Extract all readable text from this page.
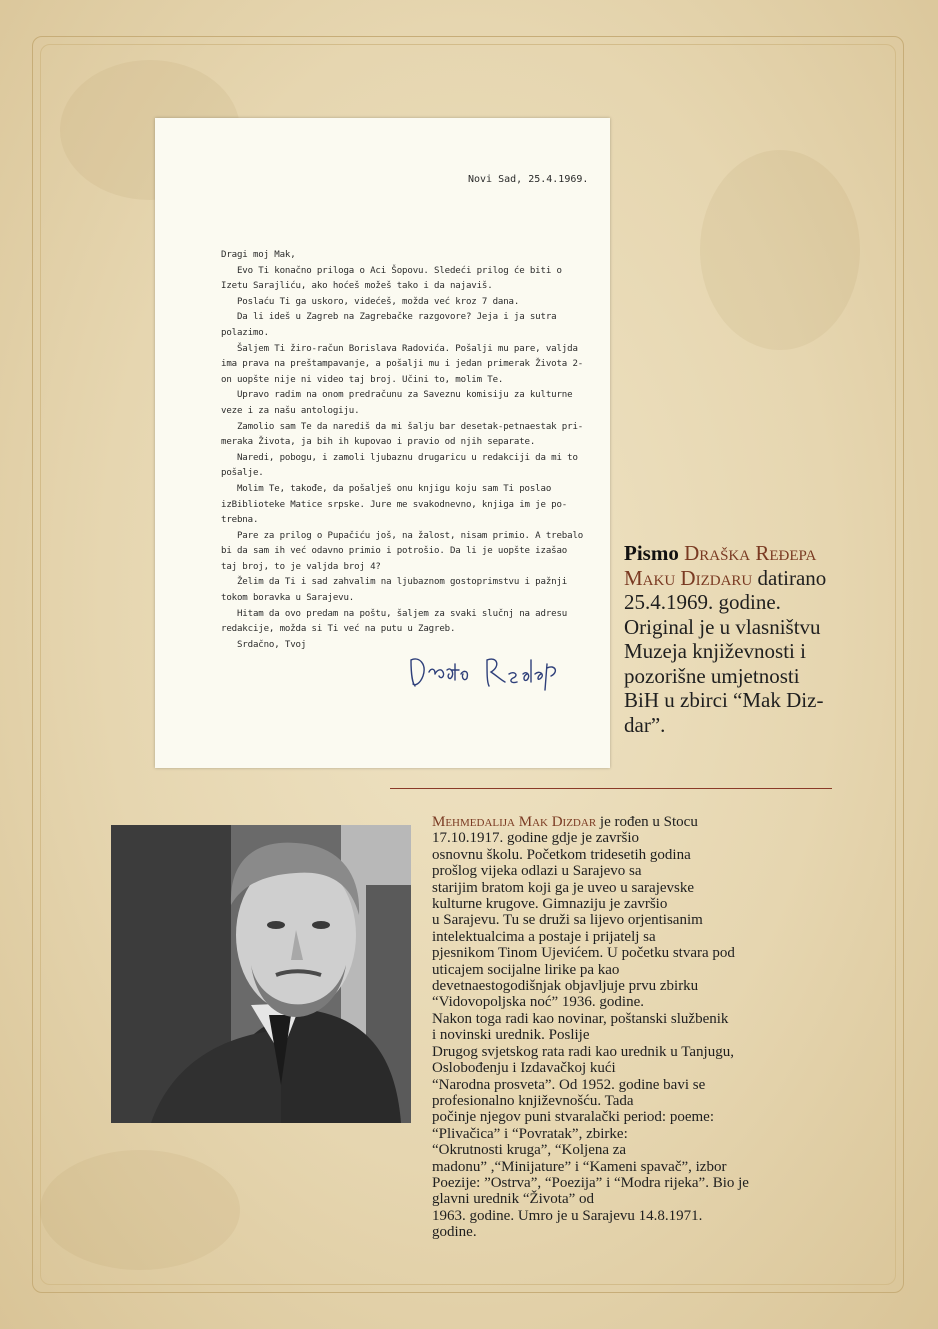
Novi Sad, 25.4.1969.
Dragi moj Mak,
Evo Ti konačno priloga o Aci Šopovu. Sledeći prilog će biti o
Izetu Sarajliću, ako hoćeš možeš tako i da najaviš.
Poslaću Ti ga uskoro, videćeš, možda već kroz 7 dana.
Da li ideš u Zagreb na Zagrebačke razgovore? Jeja i ja sutra
polazimo.
Šaljem Ti žiro-račun Borislava Radovića. Pošalji mu pare, valjda
ima prava na preštampavanje, a pošalji mu i jedan primerak Života 2-
on uopšte nije ni video taj broj. Učini to, molim Te.
Upravo radim na onom predračunu za Saveznu komisiju za kulturne
veze i za našu antologiju.
Zamolio sam Te da narediš da mi šalju bar desetak-petnaestak pri-
meraka Života, ja bih ih kupovao i pravio od njih separate.
Naredi, pobogu, i zamoli ljubaznu drugaricu u redakciji da mi to
pošalje.
Molim Te, takođe, da pošalješ onu knjigu koju sam Ti poslao
izBiblioteke Matice srpske. Jure me svakodnevno, knjiga im je po-
trebna.
Pare za prilog o Pupačiću još, na žalost, nisam primio. A trebalo
bi da sam ih već odavno primio i potrošio. Da li je uopšte izašao
taj broj, to je valjda broj 4?
Želim da Ti i sad zahvalim na ljubaznom gostoprimstvu i pažnji
tokom boravka u Sarajevu.
Hitam da ovo predam na poštu, šaljem za svaki slučnj na adresu
redakcije, možda si Ti već na putu u Zagreb.
Srdačno, Tvoj
Pismo Draška Ređepa
Maku Dizdaru datirano
25.4.1969. godine.
Original je u vlasništvu
Muzeja književnosti i
pozorišne umjetnosti
BiH u zbirci “Mak Diz-
dar”.
Mehmedalija Mak Dizdar je rođen u Stocu
17.10.1917. godine gdje je završio
osnovnu školu. Početkom tridesetih godina
prošlog vijeka odlazi u Sarajevo sa
starijim bratom koji ga je uveo u sarajevske
kulturne krugove. Gimnaziju je završio
u Sarajevu. Tu se druži sa lijevo orjentisanim
intelektualcima a postaje i prijatelj sa
pjesnikom Tinom Ujevićem. U početku stvara pod
uticajem socijalne lirike pa kao
devetnaestogodišnjak objavljuje prvu zbirku
“Vidovopoljska noć” 1936. godine.
Nakon toga radi kao novinar, poštanski službenik
i novinski urednik. Poslije
Drugog svjetskog rata radi kao urednik u Tanjugu,
Oslobođenju i Izdavačkoj kući
“Narodna prosveta”. Od 1952. godine bavi se
profesionalno književnošću. Tada
počinje njegov puni stvaralački period: poeme:
“Plivačica” i “Povratak”, zbirke:
“Okrutnosti kruga”, “Koljena za
madonu” ,“Minijature” i “Kameni spavač”, izbor
Poezije: ”Ostrva”, “Poezija” i “Modra rijeka”. Bio je
glavni urednik “Života” od
1963. godine. Umro je u Sarajevu 14.8.1971.
godine.
